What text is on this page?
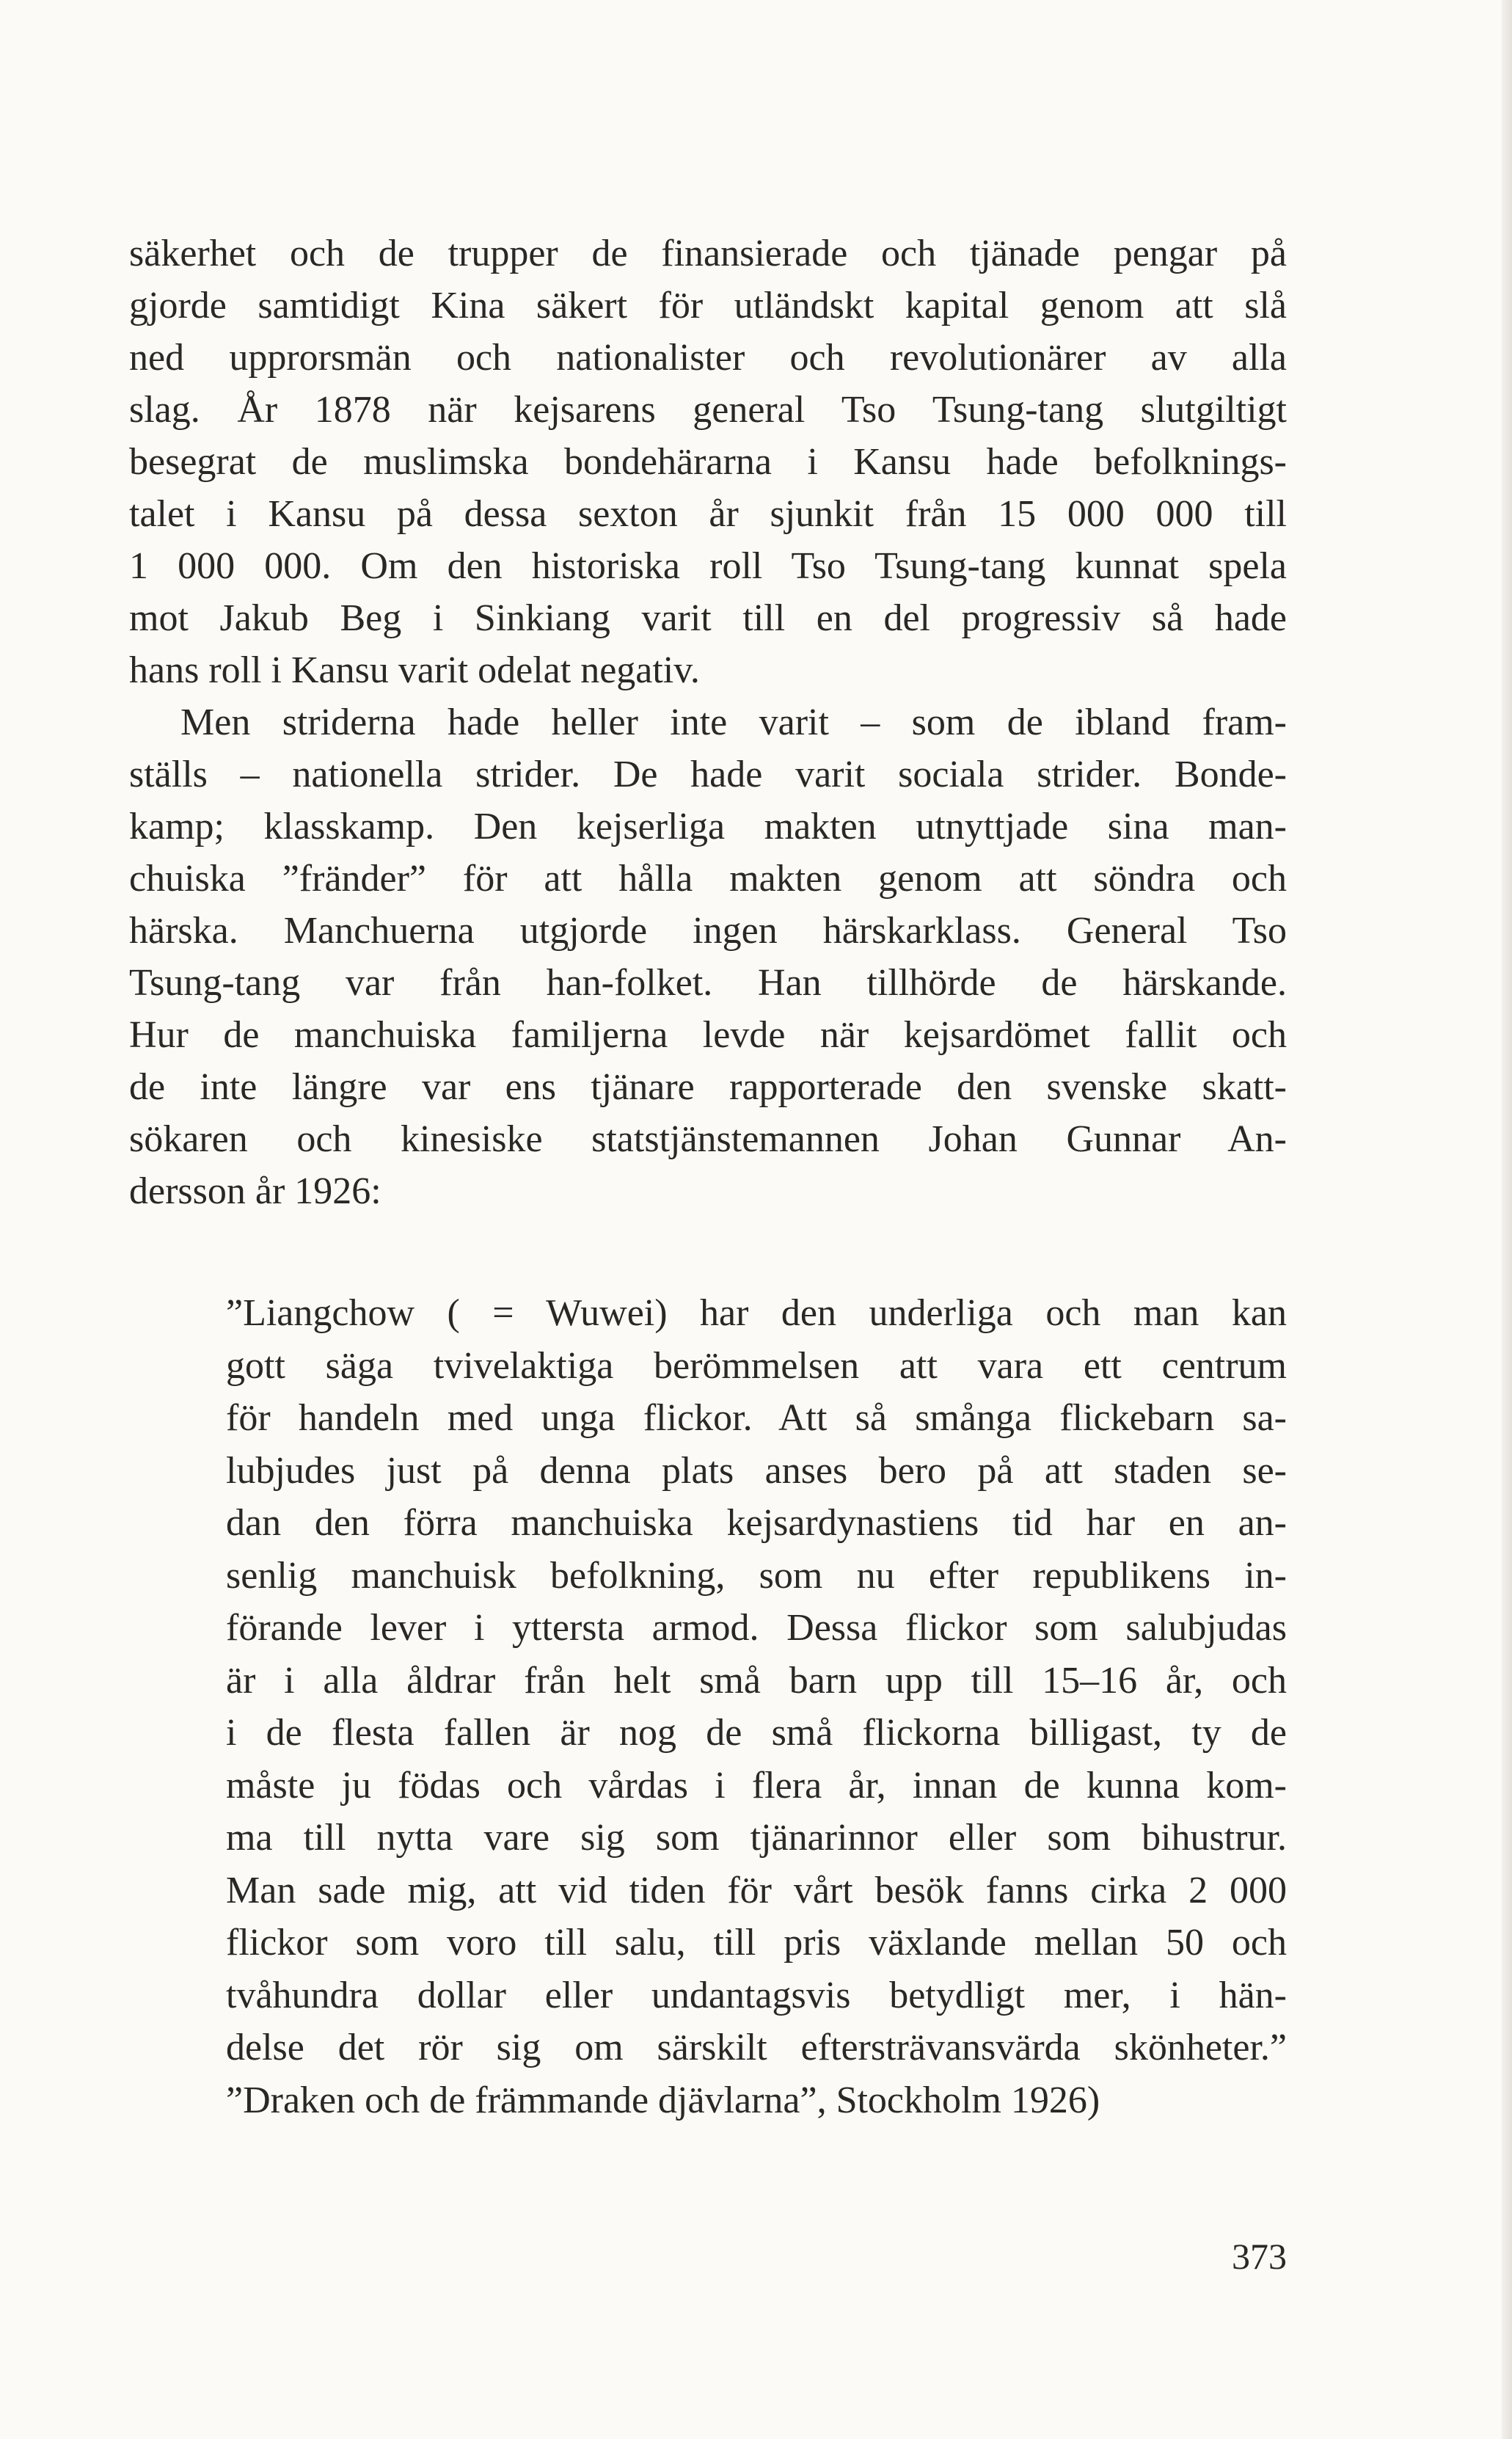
säkerhet och de trupper de finansierade och tjänade pengar på
gjorde samtidigt Kina säkert för utländskt kapital genom att slå
ned upprorsmän och nationalister och revolutionärer av alla
slag. År 1878 när kejsarens general Tso Tsung-tang slutgiltigt
besegrat de muslimska bondehärarna i Kansu hade befolknings-
talet i Kansu på dessa sexton år sjunkit från 15 000 000 till
1 000 000. Om den historiska roll Tso Tsung-tang kunnat spela
mot Jakub Beg i Sinkiang varit till en del progressiv så hade
hans roll i Kansu varit odelat negativ.
Men striderna hade heller inte varit – som de ibland fram-
ställs – nationella strider. De hade varit sociala strider. Bonde-
kamp; klasskamp. Den kejserliga makten utnyttjade sina man-
chuiska ”fränder” för att hålla makten genom att söndra och
härska. Manchuerna utgjorde ingen härskarklass. General Tso
Tsung-tang var från han-folket. Han tillhörde de härskande.
Hur de manchuiska familjerna levde när kejsardömet fallit och
de inte längre var ens tjänare rapporterade den svenske skatt-
sökaren och kinesiske statstjänstemannen Johan Gunnar An-
dersson år 1926:
”Liangchow ( = Wuwei) har den underliga och man kan
gott säga tvivelaktiga berömmelsen att vara ett centrum
för handeln med unga flickor. Att så smånga flickebarn sa-
lubjudes just på denna plats anses bero på att staden se-
dan den förra manchuiska kejsardynastiens tid har en an-
senlig manchuisk befolkning, som nu efter republikens in-
förande lever i yttersta armod. Dessa flickor som salubjudas
är i alla åldrar från helt små barn upp till 15–16 år, och
i de flesta fallen är nog de små flickorna billigast, ty de
måste ju födas och vårdas i flera år, innan de kunna kom-
ma till nytta vare sig som tjänarinnor eller som bihustrur.
Man sade mig, att vid tiden för vårt besök fanns cirka 2 000
flickor som voro till salu, till pris växlande mellan 50 och
tvåhundra dollar eller undantagsvis betydligt mer, i hän-
delse det rör sig om särskilt eftersträvansvärda skönheter.”
”Draken och de främmande djävlarna”, Stockholm 1926)
373
